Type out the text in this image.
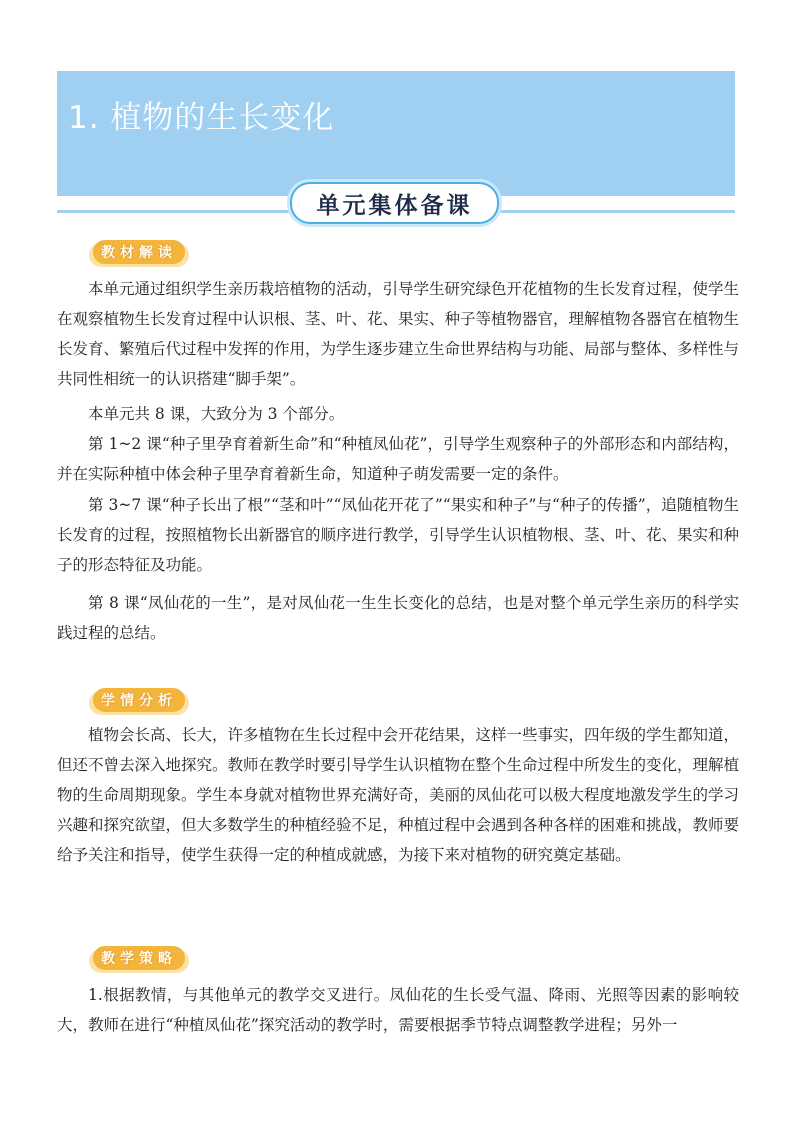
1. 植物的生长变化
单元集体备课
教材解读

本单元通过组织学生亲历栽培植物的活动，引导学生研究绿色开花植物的生长发育过程，使学生在观察植物生长发育过程中认识根、茎、叶、花、果实、种子等植物器官，理解植物各器官在植物生长发育、繁殖后代过程中发挥的作用，为学生逐步建立生命世界结构与功能、局部与整体、多样性与共同性相统一的认识搭建“脚手架”。

本单元共 8 课，大致分为 3 个部分。

第 1~2 课“种子里孕育着新生命”和“种植凤仙花”，引导学生观察种子的外部形态和内部结构，并在实际种植中体会种子里孕育着新生命，知道种子萌发需要一定的条件。

第 3~7 课“种子长出了根”“茎和叶”“凤仙花开花了”“果实和种子”与“种子的传播”，追随植物生长发育的过程，按照植物长出新器官的顺序进行教学，引导学生认识植物根、茎、叶、花、果实和种子的形态特征及功能。

第 8 课“凤仙花的一生”，是对凤仙花一生生长变化的总结，也是对整个单元学生亲历的科学实践过程的总结。

学情分析

植物会长高、长大，许多植物在生长过程中会开花结果，这样一些事实，四年级的学生都知道，但还不曾去深入地探究。教师在教学时要引导学生认识植物在整个生命过程中所发生的变化，理解植物的生命周期现象。学生本身就对植物世界充满好奇，美丽的凤仙花可以极大程度地激发学生的学习兴趣和探究欲望，但大多数学生的种植经验不足，种植过程中会遇到各种各样的困难和挑战，教师要给予关注和指导，使学生获得一定的种植成就感，为接下来对植物的研究奠定基础。

教学策略

1.根据教情，与其他单元的教学交叉进行。凤仙花的生长受气温、降雨、光照等因素的影响较大，教师在进行“种植凤仙花”探究活动的教学时，需要根据季节特点调整教学进程；另外一
